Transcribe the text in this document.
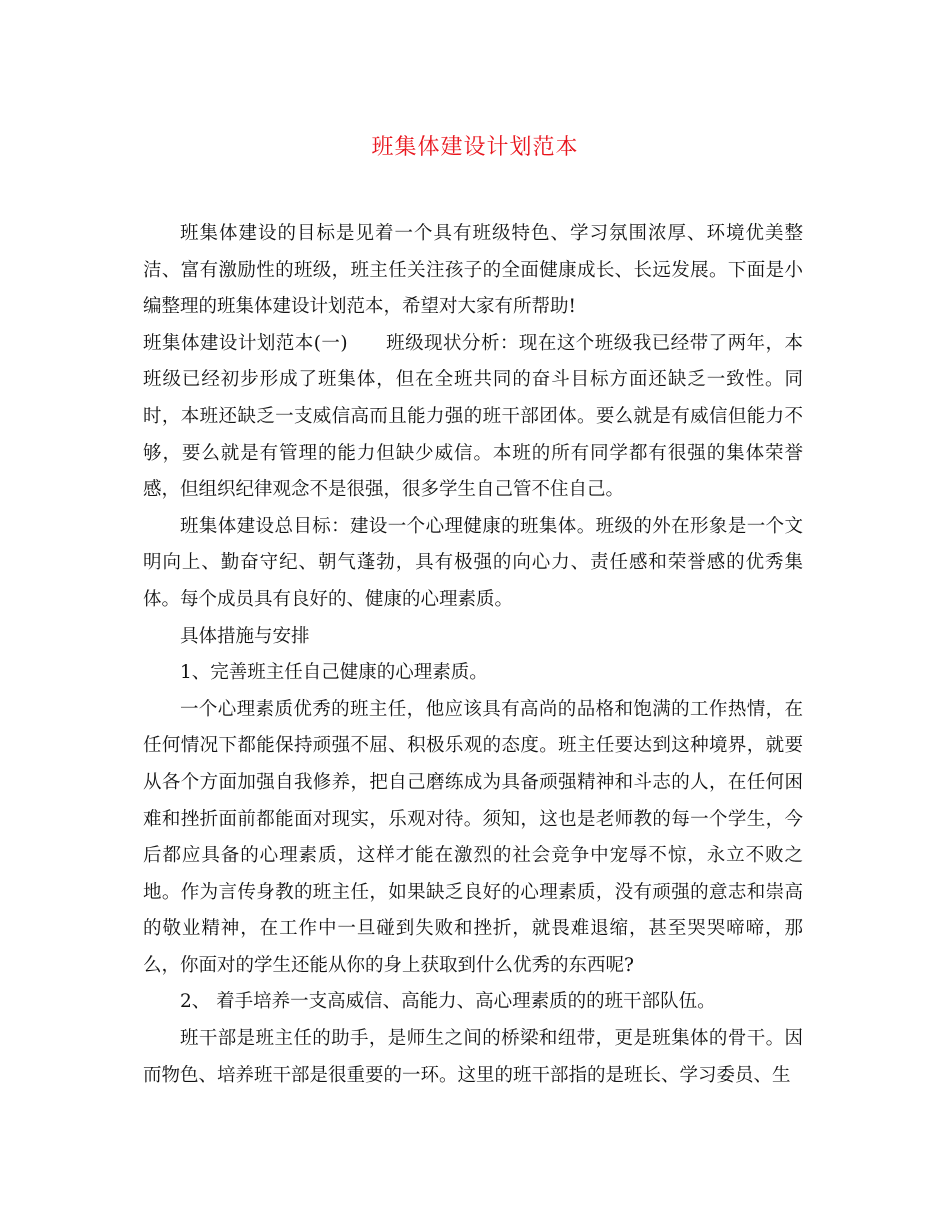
班集体建设计划范本

班集体建设的目标是见着一个具有班级特色、学习氛围浓厚、环境优美整洁、富有激励性的班级，班主任关注孩子的全面健康成长、长远发展。下面是小编整理的班集体建设计划范本，希望对大家有所帮助!

班集体建设计划范本(一) 班级现状分析：现在这个班级我已经带了两年，本班级已经初步形成了班集体，但在全班共同的奋斗目标方面还缺乏一致性。同时，本班还缺乏一支威信高而且能力强的班干部团体。要么就是有威信但能力不够，要么就是有管理的能力但缺少威信。本班的所有同学都有很强的集体荣誉感，但组织纪律观念不是很强，很多学生自己管不住自己。

班集体建设总目标：建设一个心理健康的班集体。班级的外在形象是一个文明向上、勤奋守纪、朝气蓬勃，具有极强的向心力、责任感和荣誉感的优秀集体。每个成员具有良好的、健康的心理素质。

具体措施与安排

1、完善班主任自己健康的心理素质。

一个心理素质优秀的班主任，他应该具有高尚的品格和饱满的工作热情，在任何情况下都能保持顽强不屈、积极乐观的态度。班主任要达到这种境界，就要从各个方面加强自我修养，把自己磨练成为具备顽强精神和斗志的人，在任何困难和挫折面前都能面对现实，乐观对待。须知，这也是老师教的每一个学生，今后都应具备的心理素质，这样才能在激烈的社会竞争中宠辱不惊，永立不败之地。作为言传身教的班主任，如果缺乏良好的心理素质，没有顽强的意志和崇高的敬业精神，在工作中一旦碰到失败和挫折，就畏难退缩，甚至哭哭啼啼，那么，你面对的学生还能从你的身上获取到什么优秀的东西呢?

2、 着手培养一支高威信、高能力、高心理素质的的班干部队伍。

班干部是班主任的助手，是师生之间的桥梁和纽带，更是班集体的骨干。因而物色、培养班干部是很重要的一环。这里的班干部指的是班长、学习委员、生
